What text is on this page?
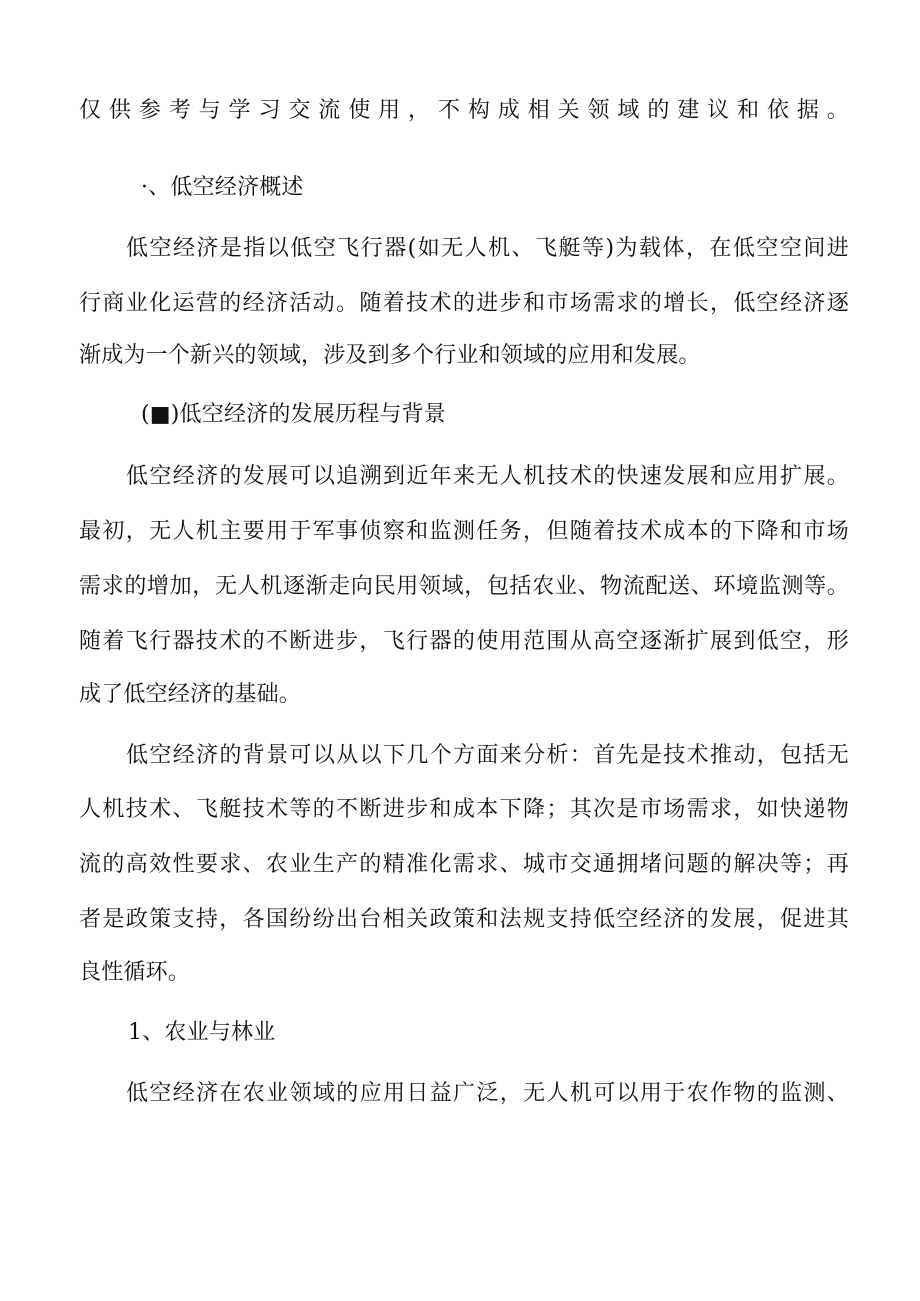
仅供参考与学习交流使用，不构成相关领域的建议和依据。
·、低空经济概述
低空经济是指以低空飞行器(如无人机、飞艇等)为载体，在低空空间进
行商业化运营的经济活动。随着技术的进步和市场需求的增长，低空经济逐
渐成为一个新兴的领域，涉及到多个行业和领域的应用和发展。
(■)低空经济的发展历程与背景
低空经济的发展可以追溯到近年来无人机技术的快速发展和应用扩展。
最初，无人机主要用于军事侦察和监测任务，但随着技术成本的下降和市场
需求的增加，无人机逐渐走向民用领域，包括农业、物流配送、环境监测等。
随着飞行器技术的不断进步，飞行器的使用范围从高空逐渐扩展到低空，形
成了低空经济的基础。
低空经济的背景可以从以下几个方面来分析：首先是技术推动，包括无
人机技术、飞艇技术等的不断进步和成本下降；其次是市场需求，如快递物
流的高效性要求、农业生产的精准化需求、城市交通拥堵问题的解决等；再
者是政策支持，各国纷纷出台相关政策和法规支持低空经济的发展，促进其
良性循环。
1、农业与林业
低空经济在农业领域的应用日益广泛，无人机可以用于农作物的监测、
